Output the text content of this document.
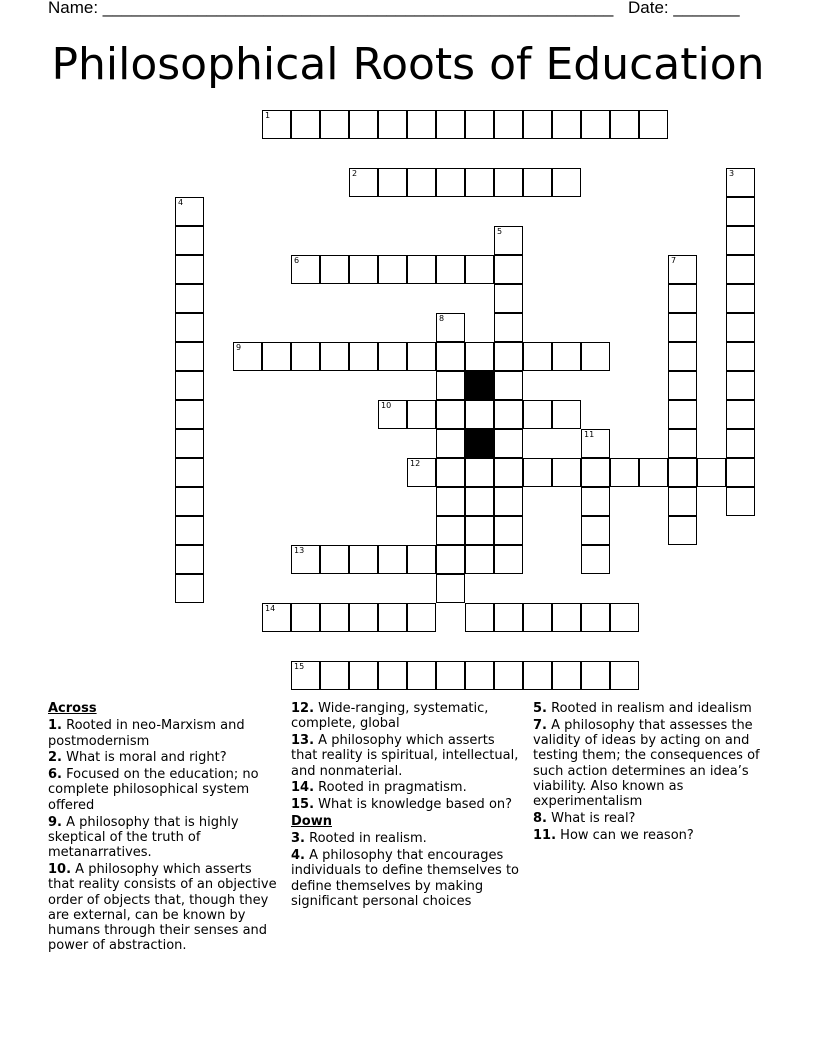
Name: ______________________________________________________ Date: _______
Philosophical Roots of Education
1
2	3
4
5
6	7
8
9
10
11
12
13
14
15
Across
1. Rooted in neo-Marxism and postmodernism
2. What is moral and right?
6. Focused on the education; no complete philosophical system offered
9. A philosophy that is highly skeptical of the truth of metanarratives.
10. A philosophy which asserts that reality consists of an objective order of objects that, though they are external, can be known by humans through their senses and power of abstraction.
12. Wide-ranging, systematic, complete, global
13. A philosophy which asserts that reality is spiritual, intellectual, and nonmaterial.
14. Rooted in pragmatism.
15. What is knowledge based on?
Down
3. Rooted in realism.
4. A philosophy that encourages individuals to define themselves to define themselves by making significant personal choices
5. Rooted in realism and idealism
7. A philosophy that assesses the validity of ideas by acting on and testing them; the consequences of such action determines an idea’s viability. Also known as experimentalism
8. What is real?
11. How can we reason?
